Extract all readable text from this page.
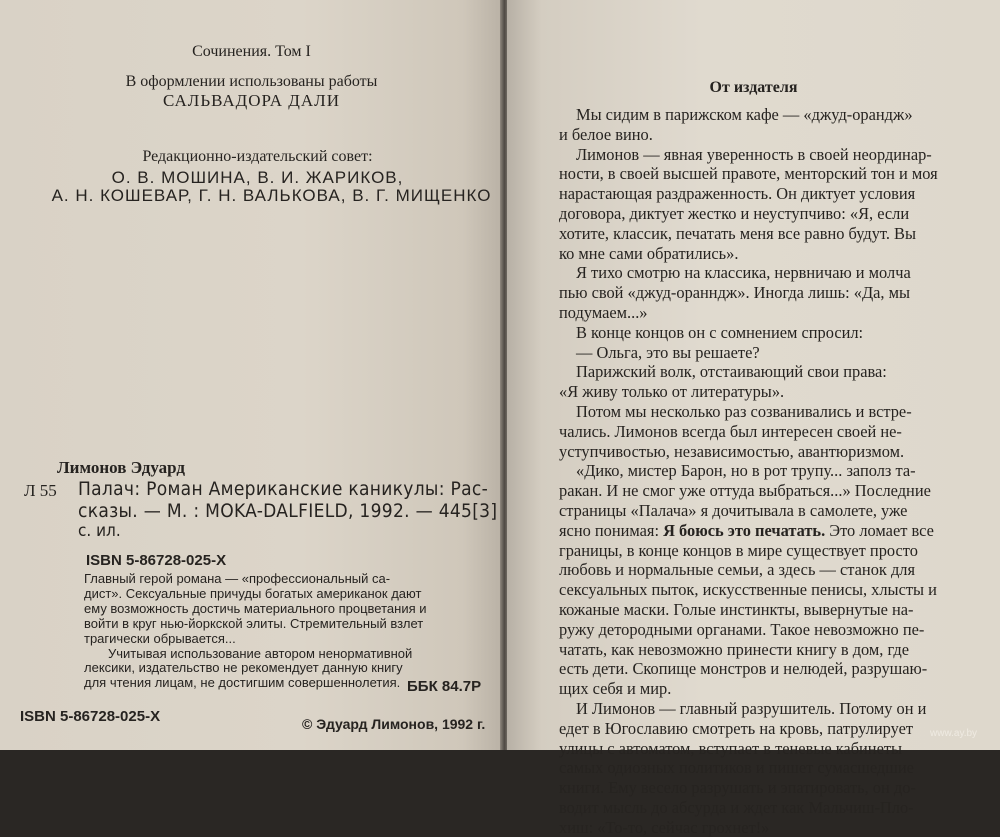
Сочинения. Том I
В оформлении использованы работы
САЛЬВАДОРА ДАЛИ
Редакционно-издательский совет:
О. В. МОШИНА, В. И. ЖАРИКОВ,
А. Н. КОШЕВАР, Г. Н. ВАЛЬКОВА, В. Г. МИЩЕНКО
Лимонов Эдуард
Л 55 Палач: Роман Американские каникулы: Рас-
сказы. — М. : MOKA-DALFIELD, 1992. — 445[3]
с. ил.
ISBN 5-86728-025-X

Главный герой романа — «профессиональный са-

дист». Сексуальные причуды богатых американок дают

ему возможность достичь материального процветания и

войти в круг нью-йоркской элиты. Стремительный взлет

трагически обрывается...

Учитывая использование автором ненормативной

лексики, издательство не рекомендует данную книгу

для чтения лицам, не достигшим совершеннолетия. ББК 84.7Р
ISBN 5-86728-025-X	© Эдуард Лимонов, 1992 г.
От издателя

Мы сидим в парижском кафе — «джуд-орандж»

и белое вино.

Лимонов — явная уверенность в своей неординар-

ности, в своей высшей правоте, менторский тон и моя

нарастающая раздраженность. Он диктует условия

договора, диктует жестко и неуступчиво: «Я, если

хотите, классик, печатать меня все равно будут. Вы

ко мне сами обратились».

Я тихо смотрю на классика, нервничаю и молча

пью свой «джуд-оранндж». Иногда лишь: «Да, мы

подумаем...»

В конце концов он с сомнением спросил:

— Ольга, это вы решаете?

Парижский волк, отстаивающий свои права:

«Я живу только от литературы».

Потом мы несколько раз созванивались и встре-

чались. Лимонов всегда был интересен своей не-

уступчивостью, независимостью, авантюризмом.

«Дико, мистер Барон, но в рот трупу... заполз та-

ракан. И не смог уже оттуда выбраться...» Последние

страницы «Палача» я дочитывала в самолете, уже

ясно понимая: Я боюсь это печатать. Это ломает все

границы, в конце концов в мире существует просто

любовь и нормальные семьи, а здесь — станок для

сексуальных пыток, искусственные пенисы, хлысты и

кожаные маски. Голые инстинкты, вывернутые на-

ружу детородными органами. Такое невозможно пе-

чатать, как невозможно принести книгу в дом, где

есть дети. Скопище монстров и нелюдей, разрушаю-

щих себя и мир.

И Лимонов — главный разрушитель. Потому он и

едет в Югославию смотреть на кровь, патрулирует

улицы с автоматом, вступает в теневые кабинеты

самых одиозных политиков и пишет сумасшедшие

книги. Ему весело разрушать и эпатировать, он до-

водит мысль до абсурда и ждет как Мальчиш-Пло-

хиш: «То-то, сейчас грохнет!»

www.ay.by
